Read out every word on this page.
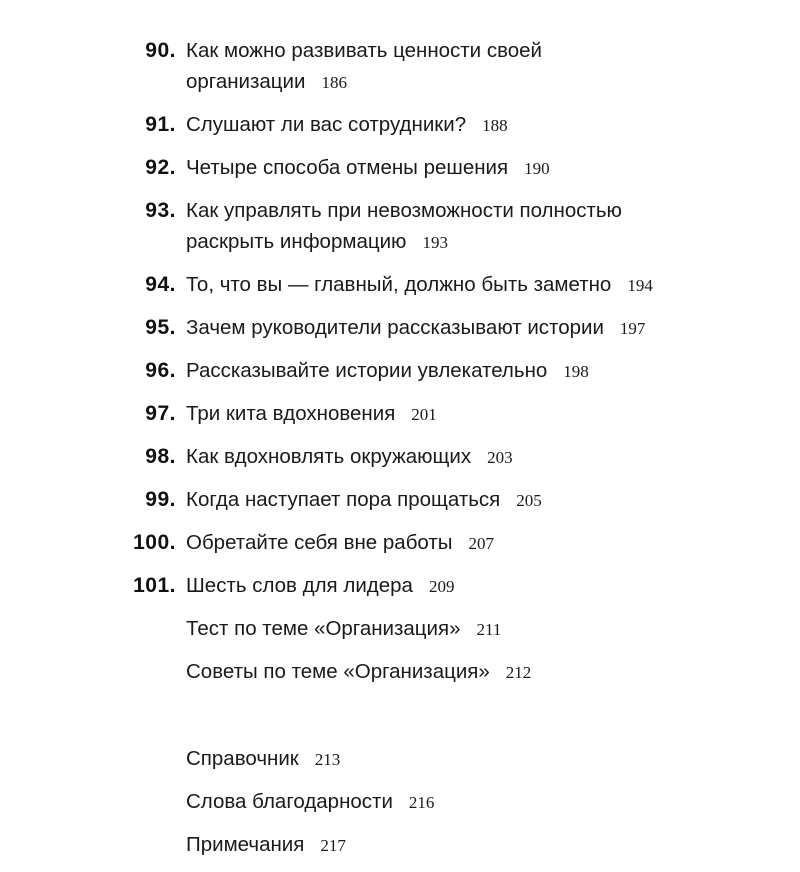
90. Как можно развивать ценности своей организации 186
91. Слушают ли вас сотрудники? 188
92. Четыре способа отмены решения 190
93. Как управлять при невозможности полностью раскрыть информацию 193
94. То, что вы — главный, должно быть заметно 194
95. Зачем руководители рассказывают истории 197
96. Рассказывайте истории увлекательно 198
97. Три кита вдохновения 201
98. Как вдохновлять окружающих 203
99. Когда наступает пора прощаться 205
100. Обретайте себя вне работы 207
101. Шесть слов для лидера 209
Тест по теме «Организация» 211
Советы по теме «Организация» 212
Справочник 213
Слова благодарности 216
Примечания 217
